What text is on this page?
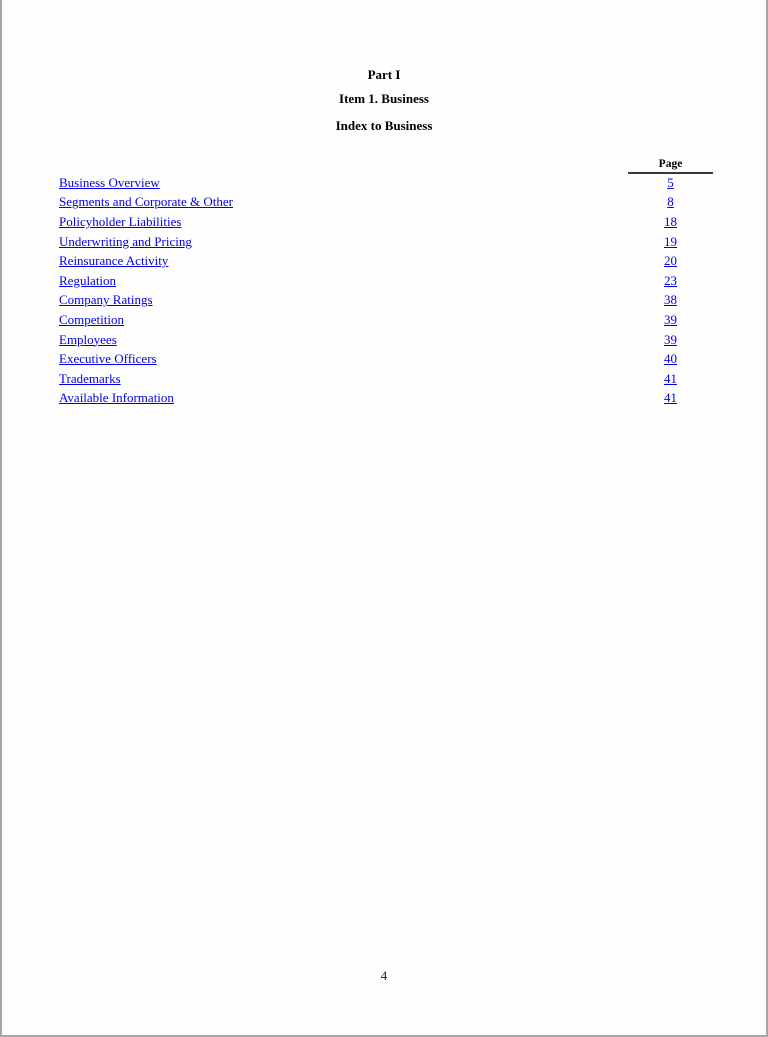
Part I

Item 1. Business

Index to Business

	Page
Business Overview	5
Segments and Corporate & Other	8
Policyholder Liabilities	18
Underwriting and Pricing	19
Reinsurance Activity	20
Regulation	23
Company Ratings	38
Competition	39
Employees	39
Executive Officers	40
Trademarks	41
Available Information	41
4
